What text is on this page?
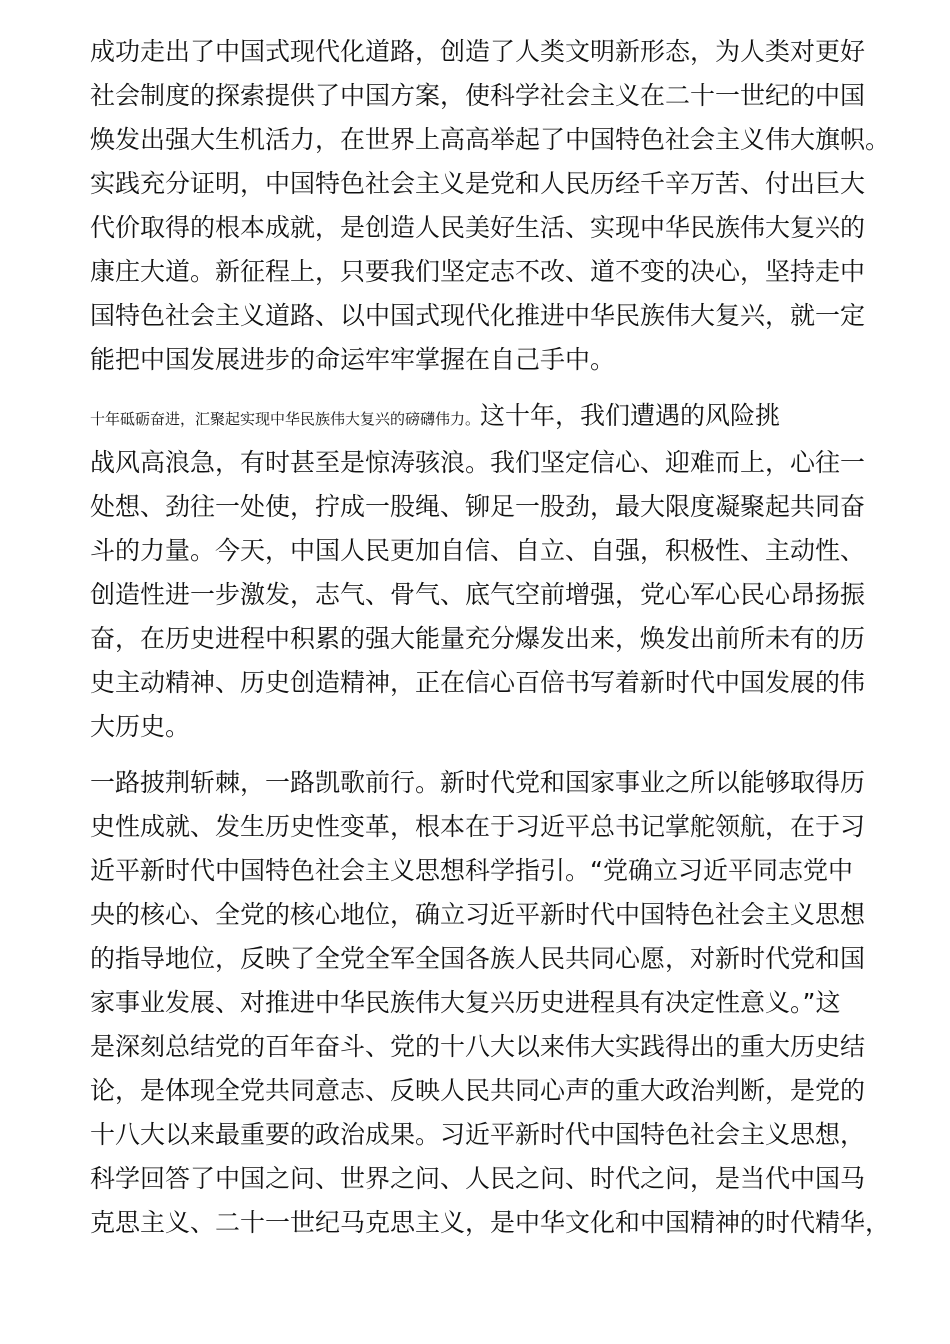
成功走出了中国式现代化道路，创造了人类文明新形态，为人类对更好
社会制度的探索提供了中国方案，使科学社会主义在二十一世纪的中国
焕发出强大生机活力，在世界上高高举起了中国特色社会主义伟大旗帜。
实践充分证明，中国特色社会主义是党和人民历经千辛万苦、付出巨大
代价取得的根本成就，是创造人民美好生活、实现中华民族伟大复兴的
康庄大道。新征程上，只要我们坚定志不改、道不变的决心，坚持走中
国特色社会主义道路、以中国式现代化推进中华民族伟大复兴，就一定
能把中国发展进步的命运牢牢掌握在自己手中。

十年砥砺奋进，汇聚起实现中华民族伟大复兴的磅礴伟力。这十年，我们遭遇的风险挑
战风高浪急，有时甚至是惊涛骇浪。我们坚定信心、迎难而上，心往一
处想、劲往一处使，拧成一股绳、铆足一股劲，最大限度凝聚起共同奋
斗的力量。今天，中国人民更加自信、自立、自强，积极性、主动性、
创造性进一步激发，志气、骨气、底气空前增强，党心军心民心昂扬振
奋，在历史进程中积累的强大能量充分爆发出来，焕发出前所未有的历
史主动精神、历史创造精神，正在信心百倍书写着新时代中国发展的伟
大历史。

一路披荆斩棘，一路凯歌前行。新时代党和国家事业之所以能够取得历
史性成就、发生历史性变革，根本在于习近平总书记掌舵领航，在于习
近平新时代中国特色社会主义思想科学指引。“党确立习近平同志党中
央的核心、全党的核心地位，确立习近平新时代中国特色社会主义思想
的指导地位，反映了全党全军全国各族人民共同心愿，对新时代党和国
家事业发展、对推进中华民族伟大复兴历史进程具有决定性意义。”这
是深刻总结党的百年奋斗、党的十八大以来伟大实践得出的重大历史结
论，是体现全党共同意志、反映人民共同心声的重大政治判断，是党的
十八大以来最重要的政治成果。习近平新时代中国特色社会主义思想，
科学回答了中国之问、世界之问、人民之问、时代之问，是当代中国马
克思主义、二十一世纪马克思主义，是中华文化和中国精神的时代精华，
